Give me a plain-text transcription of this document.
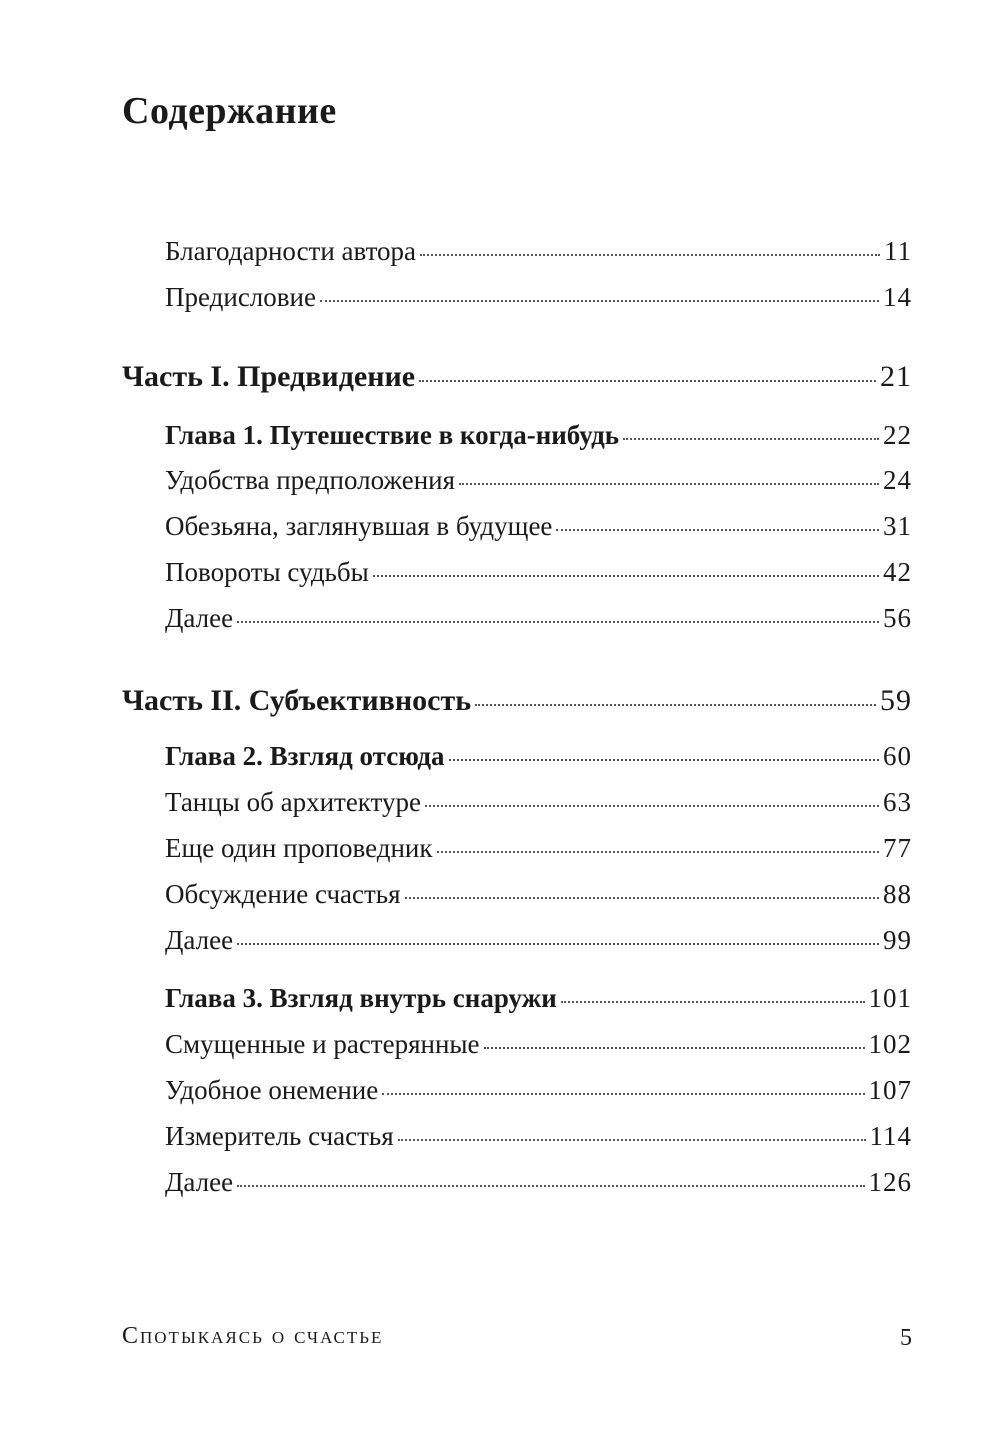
Содержание
Благодарности автора	11
Предисловие	14
Часть I. Предвидение	21
Глава 1. Путешествие в когда-нибудь	22
Удобства предположения	24
Обезьяна, заглянувшая в будущее	31
Повороты судьбы	42
Далее	56
Часть II. Субъективность	59
Глава 2. Взгляд отсюда	60
Танцы об архитектуре	63
Еще один проповедник	77
Обсуждение счастья	88
Далее	99
Глава 3. Взгляд внутрь снаружи	101
Смущенные и растерянные	102
Удобное онемение	107
Измеритель счастья	114
Далее	126
Спотыкаясь о счастье	5
